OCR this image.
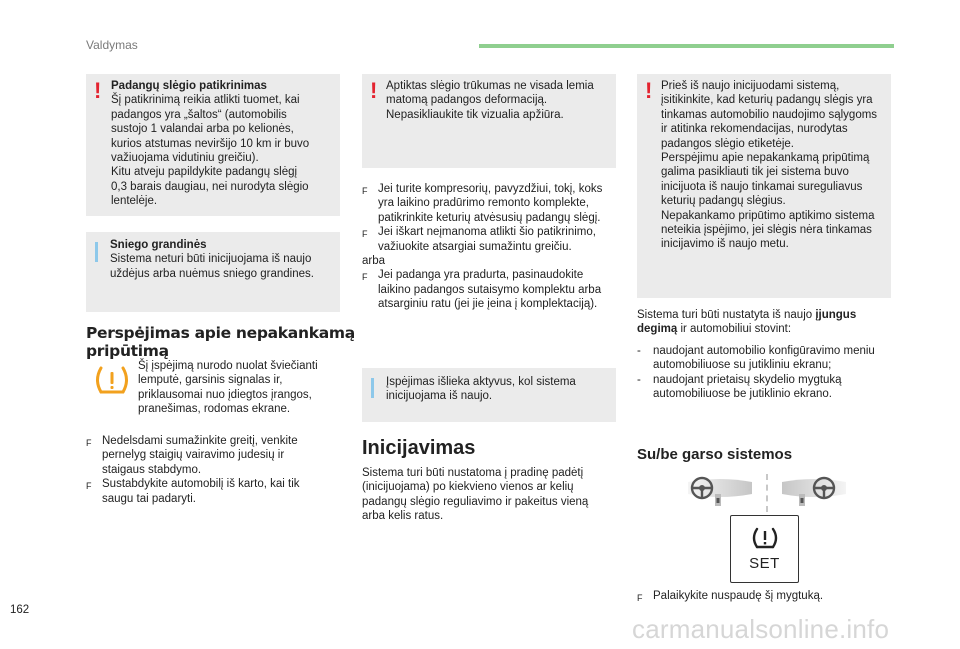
Valdymas
! Padangų slėgio patikrinimas
Šį patikrinimą reikia atlikti tuomet, kai
padangos yra „šaltos“ (automobilis
sustojo 1 valandai arba po kelionės,
kurios atstumas neviršijo 10 km ir buvo
važiuojama vidutiniu greičiu).
Kitu atveju papildykite padangų slėgį
0,3 barais daugiau, nei nurodyta slėgio
lentelėje.
Sniego grandinės
Sistema neturi būti inicijuojama iš naujo
uždėjus arba nuėmus sniego grandines.
Perspėjimas apie nepakankamą pripūtimą
Šį įspėjimą nurodo nuolat šviečianti
lemputė, garsinis signalas ir,
priklausomai nuo įdiegtos įrangos,
pranešimas, rodomas ekrane.
F Nedelsdami sumažinkite greitį, venkite
pernelyg staigių vairavimo judesių ir
staigaus stabdymo.
F Sustabdykite automobilį iš karto, kai tik
saugu tai padaryti.
! Aptiktas slėgio trūkumas ne visada lemia
matomą padangos deformaciją.
Nepasikliaukite tik vizualia apžiūra.
F Jei turite kompresorių, pavyzdžiui, tokį, koks
yra laikino pradūrimo remonto komplekte,
patikrinkite keturių atvėsusių padangų slėgį.
F Jei iškart neįmanoma atlikti šio patikrinimo,
važiuokite atsargiai sumažintu greičiu.
arba
F Jei padanga yra pradurta, pasinaudokite
laikino padangos sutaisymo komplektu arba
atsarginiu ratu (jei jie įeina į komplektaciją).
Įspėjimas išlieka aktyvus, kol sistema
inicijuojama iš naujo.
Inicijavimas
Sistema turi būti nustatoma į pradinę padėtį
(inicijuojama) po kiekvieno vienos ar kelių
padangų slėgio reguliavimo ir pakeitus vieną
arba kelis ratus.
! Prieš iš naujo inicijuodami sistemą,
įsitikinkite, kad keturių padangų slėgis yra
tinkamas automobilio naudojimo sąlygoms
ir atitinka rekomendacijas, nurodytas
padangos slėgio etiketėje.
Perspėjimu apie nepakankamą pripūtimą
galima pasikliauti tik jei sistema buvo
inicijuota iš naujo tinkamai sureguliavus
keturių padangų slėgius.
Nepakankamo pripūtimo aptikimo sistema
neteikia įspėjimo, jei slėgis nėra tinkamas
inicijavimo iš naujo metu.
Sistema turi būti nustatyta iš naujo įjungus
degimą ir automobiliui stovint:
-	naudojant automobilio konfigūravimo meniu
automobiliuose su jutikliniu ekranu;
-	naudojant prietaisų skydelio mygtuką
automobiliuose be jutiklinio ekrano.
Su/be garso sistemos
SET
F Palaikykite nuspaudę šį mygtuką.
162
carmanualsonline.info
